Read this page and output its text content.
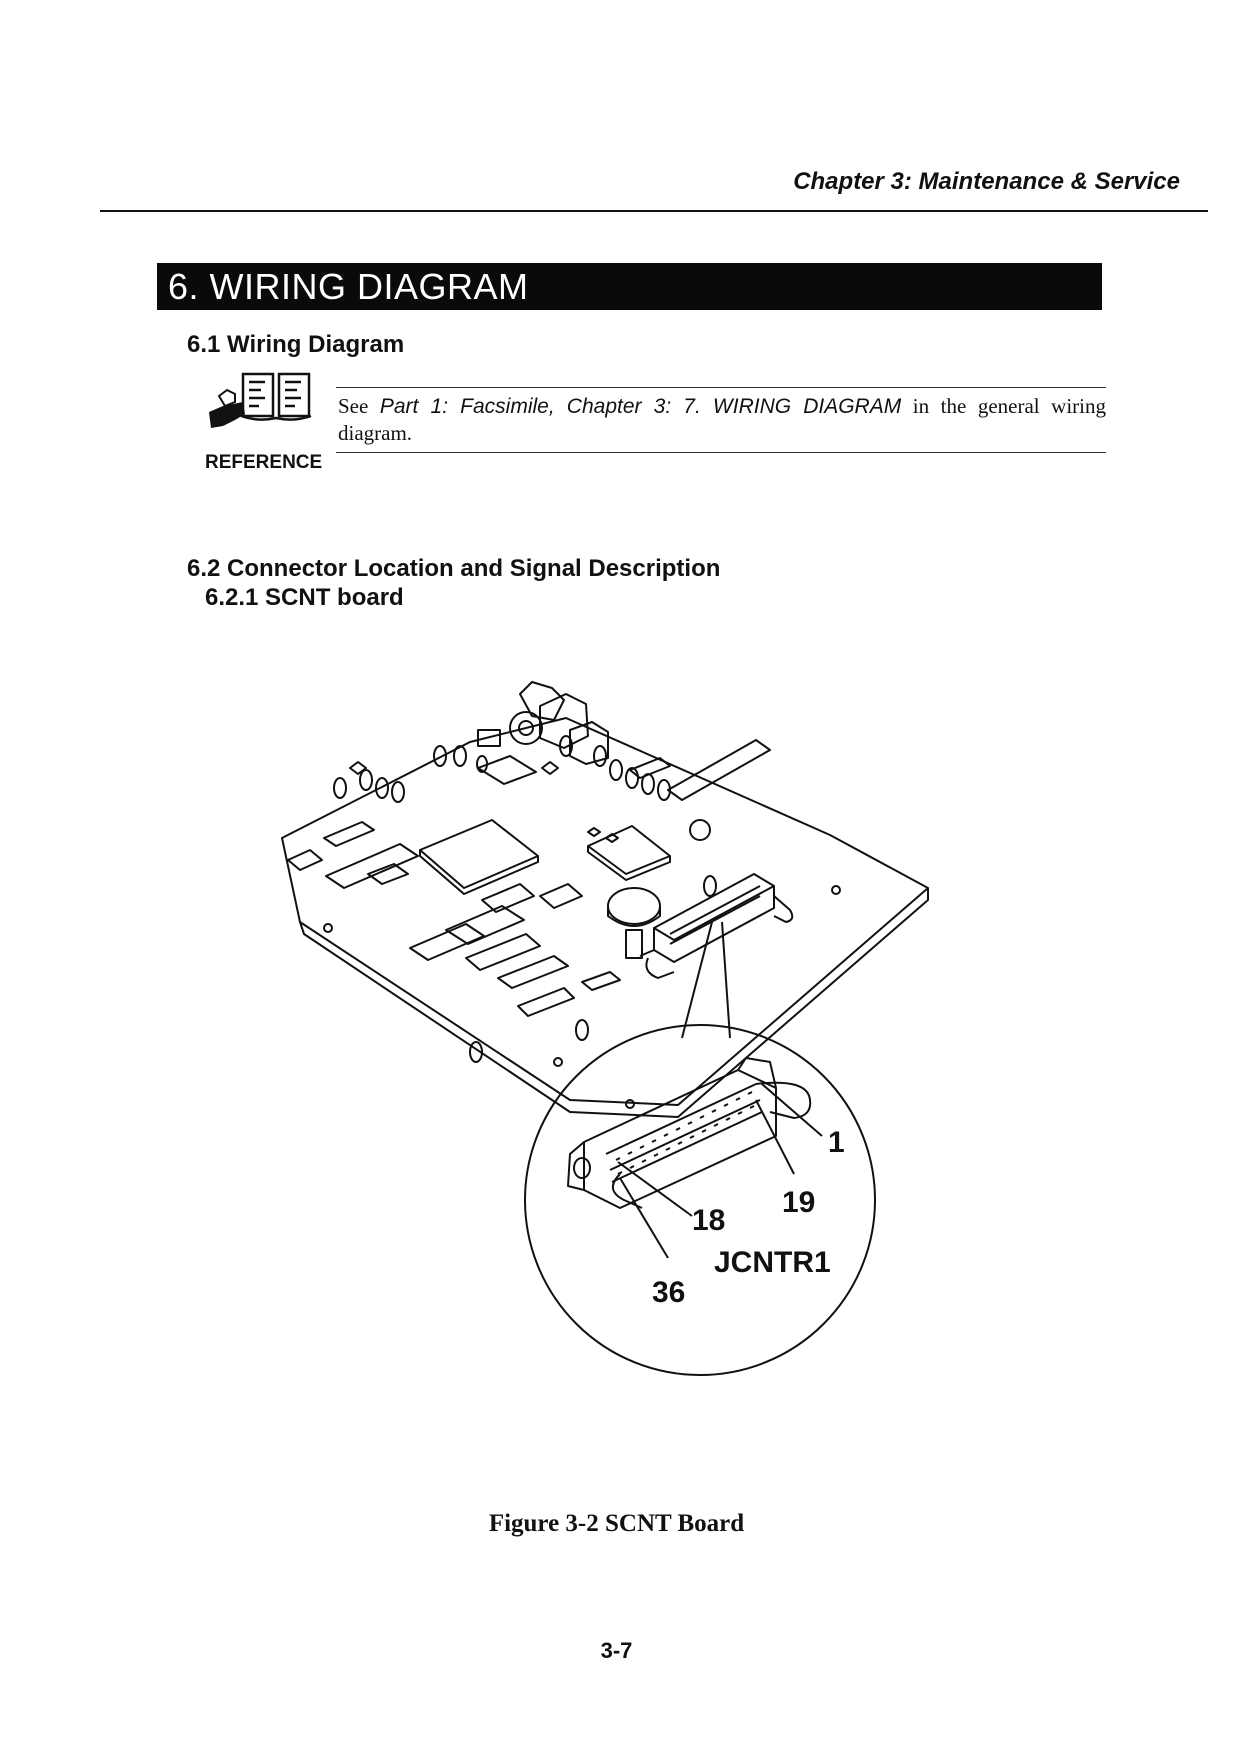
Chapter 3: Maintenance & Service
6. WIRING DIAGRAM
6.1 Wiring Diagram
REFERENCE
See Part 1: Facsimile, Chapter 3: 7. WIRING DIAGRAM in the general wiring diagram.
6.2 Connector Location and Signal Description
6.2.1 SCNT board
1
19
18
JCNTR1
36
Figure 3-2 SCNT Board
3-7
